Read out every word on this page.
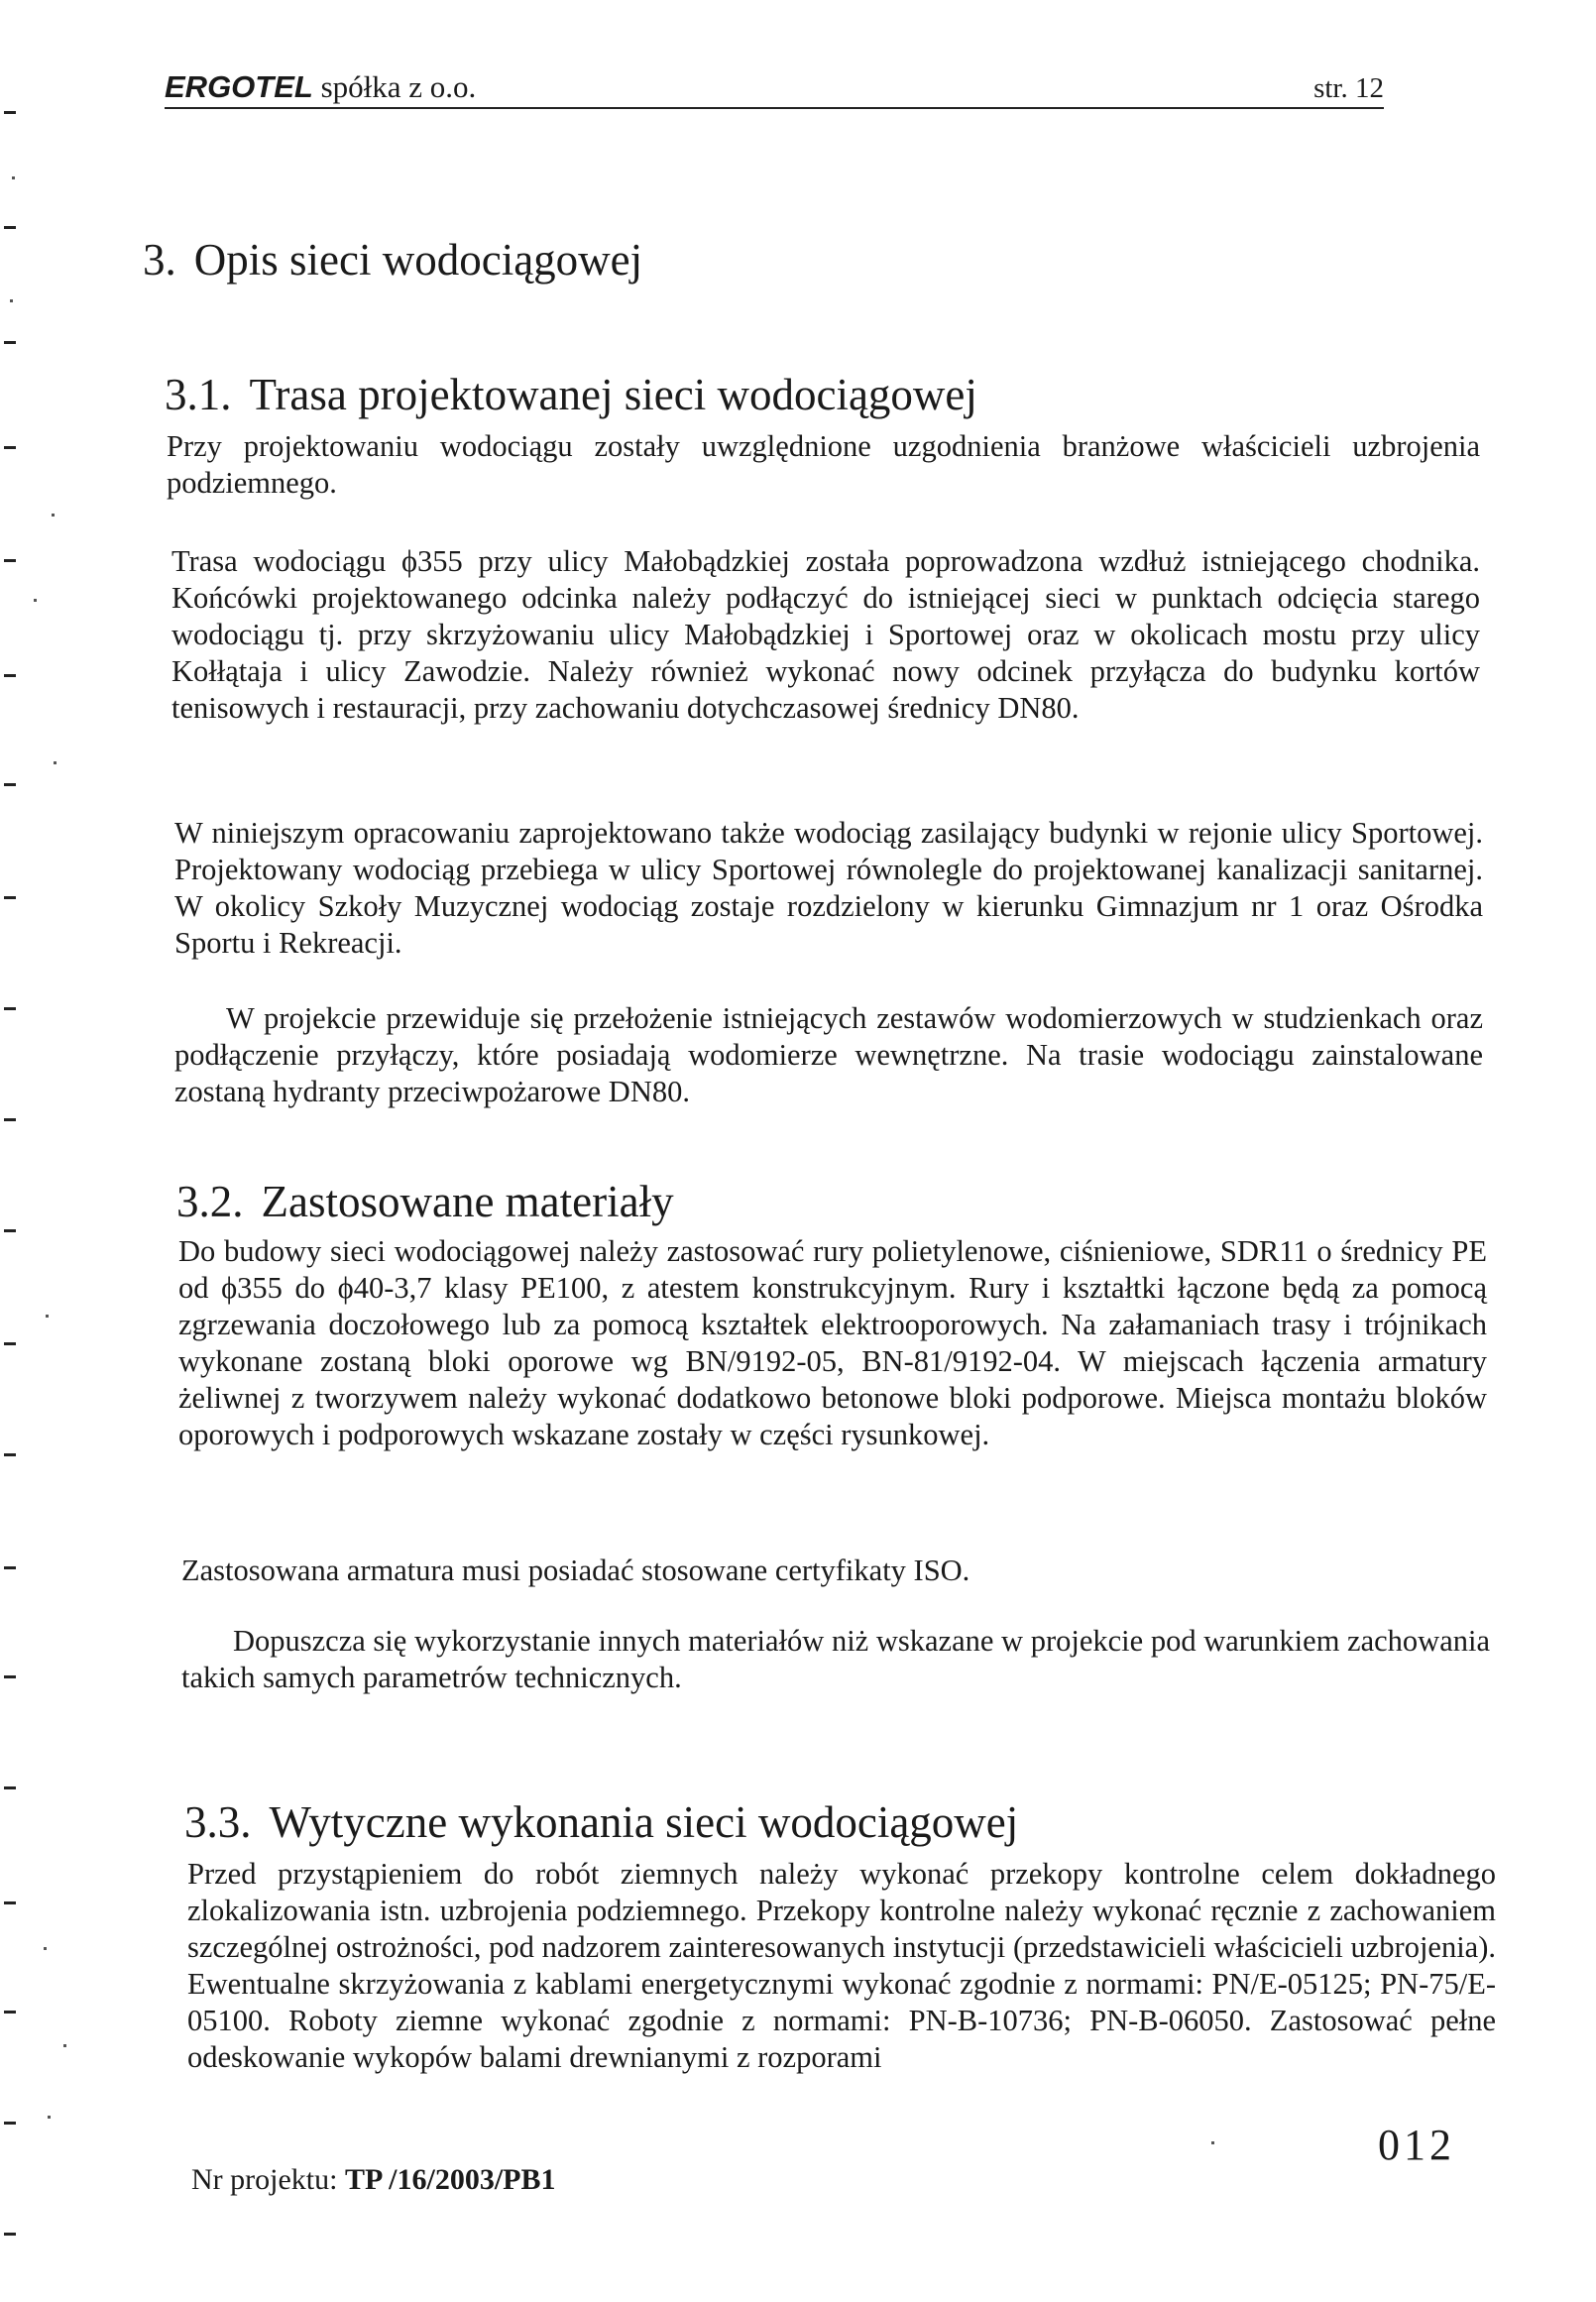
ERGOTEL spółka z o.o.	str. 12
3. Opis sieci wodociągowej
3.1. Trasa projektowanej sieci wodociągowej

Przy projektowaniu wodociągu zostały uwzględnione uzgodnienia branżowe właścicieli uzbrojenia podziemnego.

Trasa wodociągu ϕ355 przy ulicy Małobądzkiej została poprowadzona wzdłuż istniejącego chodnika. Końcówki projektowanego odcinka należy podłączyć do istniejącej sieci w punktach odcięcia starego wodociągu tj. przy skrzyżowaniu ulicy Małobądzkiej i Sportowej oraz w okolicach mostu przy ulicy Kołłątaja i ulicy Zawodzie. Należy również wykonać nowy odcinek przyłącza do budynku kortów tenisowych i restauracji, przy zachowaniu dotychczasowej średnicy DN80.

W niniejszym opracowaniu zaprojektowano także wodociąg zasilający budynki w rejonie ulicy Sportowej. Projektowany wodociąg przebiega w ulicy Sportowej równolegle do projektowanej kanalizacji sanitarnej. W okolicy Szkoły Muzycznej wodociąg zostaje rozdzielony w kierunku Gimnazjum nr 1 oraz Ośrodka Sportu i Rekreacji.

W projekcie przewiduje się przełożenie istniejących zestawów wodomierzowych w studzienkach oraz podłączenie przyłączy, które posiadają wodomierze wewnętrzne. Na trasie wodociągu zainstalowane zostaną hydranty przeciwpożarowe DN80.

3.2. Zastosowane materiały

Do budowy sieci wodociągowej należy zastosować rury polietylenowe, ciśnieniowe, SDR11 o średnicy PE od ϕ355 do ϕ40-3,7 klasy PE100, z atestem konstrukcyjnym. Rury i kształtki łączone będą za pomocą zgrzewania doczołowego lub za pomocą kształtek elektrooporowych. Na załamaniach trasy i trójnikach wykonane zostaną bloki oporowe wg BN/9192-05, BN-81/9192-04. W miejscach łączenia armatury żeliwnej z tworzywem należy wykonać dodatkowo betonowe bloki podporowe. Miejsca montażu bloków oporowych i podporowych wskazane zostały w części rysunkowej.

Zastosowana armatura musi posiadać stosowane certyfikaty ISO.

Dopuszcza się wykorzystanie innych materiałów niż wskazane w projekcie pod warunkiem zachowania takich samych parametrów technicznych.

3.3. Wytyczne wykonania sieci wodociągowej

Przed przystąpieniem do robót ziemnych należy wykonać przekopy kontrolne celem dokładnego zlokalizowania istn. uzbrojenia podziemnego. Przekopy kontrolne należy wykonać ręcznie z zachowaniem szczególnej ostrożności, pod nadzorem zainteresowanych instytucji (przedstawicieli właścicieli uzbrojenia). Ewentualne skrzyżowania z kablami energetycznymi wykonać zgodnie z normami: PN/E-05125; PN-75/E-05100. Roboty ziemne wykonać zgodnie z normami: PN-B-10736; PN-B-06050. Zastosować pełne odeskowanie wykopów balami drewnianymi z rozporami

Nr projektu: TP /16/2003/PB1
012
